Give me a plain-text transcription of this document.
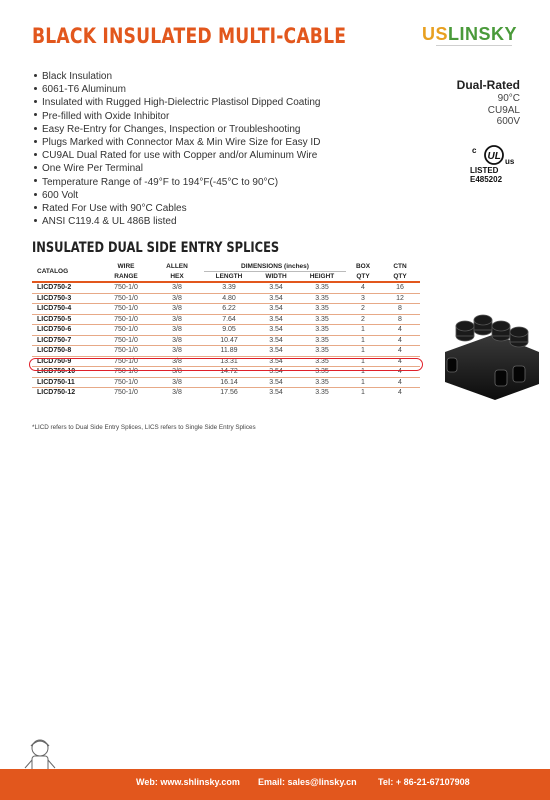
BLACK INSULATED MULTI-CABLE	USLINSKY
Black Insulation
6061-T6 Aluminum
Insulated with Rugged High-Dielectric Plastisol Dipped Coating
Pre-filled with Oxide Inhibitor
Easy Re-Entry for Changes, Inspection or Troubleshooting
Plugs Marked with Connector Max & Min Wire Size for Easy ID
CU9AL Dual Rated for use with Copper and/or Aluminum Wire
One Wire Per Terminal
Temperature Range of -49°F to 194°F(-45°C to 90°C)
600 Volt
Rated For Use with 90°C Cables
ANSI C119.4 & UL 486B listed
Dual-Rated
90°C
CU9AL
600V
c
UL us
LISTED
E485202
INSULATED DUAL SIDE ENTRY SPLICES
CATALOG	WIRE	ALLEN	DIMENSIONS (inches)			BOX	CTN
	RANGE	HEX	LENGTH	WIDTH	HEIGHT	QTY	QTY
LICD750-2	750-1/0	3/8	3.39	3.54	3.35	4	16
LICD750-3	750-1/0	3/8	4.80	3.54	3.35	3	12
LICD750-4	750-1/0	3/8	6.22	3.54	3.35	2	8
LICD750-5	750-1/0	3/8	7.64	3.54	3.35	2	8
LICD750-6	750-1/0	3/8	9.05	3.54	3.35	1	4
LICD750-7	750-1/0	3/8	10.47	3.54	3.35	1	4
LICD750-8	750-1/0	3/8	11.89	3.54	3.35	1	4
LICD750-9	750-1/0	3/8	13.31	3.54	3.35	1	4
LICD750-10	750-1/0	3/8	14.72	3.54	3.35	1	4
LICD750-11	750-1/0	3/8	16.14	3.54	3.35	1	4
LICD750-12	750-1/0	3/8	17.56	3.54	3.35	1	4
*LICD refers to Dual Side Entry Splices, LICS refers to Single Side Entry Splices
Web: www.shlinsky.com Email: sales@linsky.cn Tel: + 86-21-67107908
